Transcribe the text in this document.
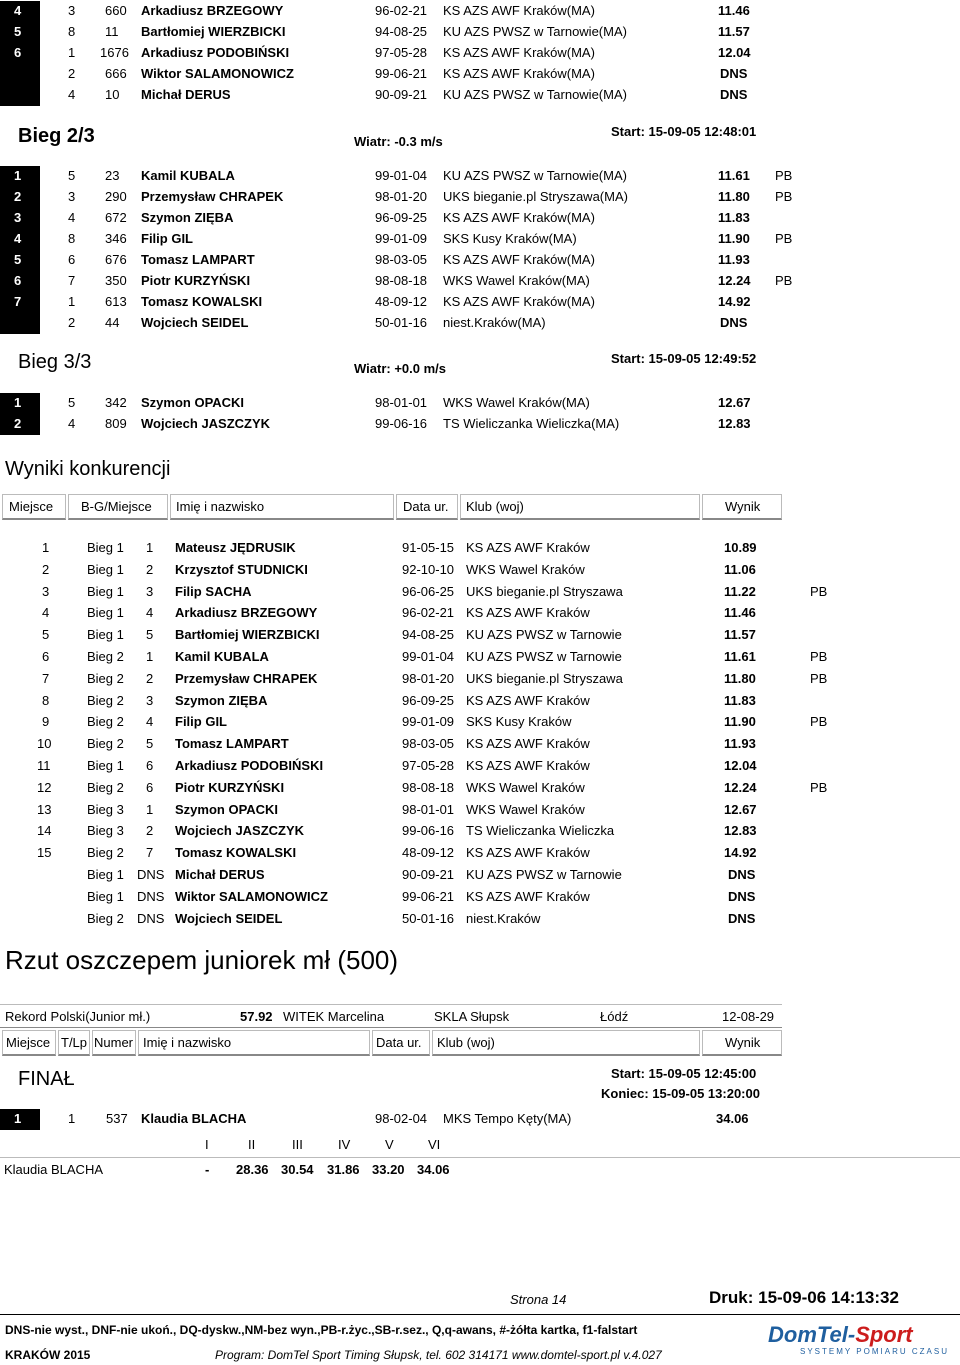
4	3 660 Arkadiusz BRZEGOWY	96-02-21 KS AZS AWF Kraków(MA)	11.46
5	8 11 Bartłomiej WIERZBICKI	94-08-25 KU AZS PWSZ w Tarnowie(MA)	11.57
6	1 1676 Arkadiusz PODOBIŃSKI	97-05-28 KS AZS AWF Kraków(MA)	12.04
2 666 Wiktor SALAMONOWICZ	99-06-21 KS AZS AWF Kraków(MA)	DNS
4 10 Michał DERUS	90-09-21 KU AZS PWSZ w Tarnowie(MA)	DNS
1	5 23 Kamil KUBALA	99-01-04 KU AZS PWSZ w Tarnowie(MA)	11.61 PB
2	3 290 Przemysław CHRAPEK	98-01-20 UKS bieganie.pl Stryszawa(MA)	11.80 PB
3	4 672 Szymon ZIĘBA	96-09-25 KS AZS AWF Kraków(MA)	11.83
4	8 346 Filip GIL	99-01-09 SKS Kusy Kraków(MA)	11.90 PB
5	6 676 Tomasz LAMPART	98-03-05 KS AZS AWF Kraków(MA)	11.93
6	7 350 Piotr KURZYŃSKI	98-08-18 WKS Wawel Kraków(MA)	12.24 PB
7	1 613 Tomasz KOWALSKI	48-09-12 KS AZS AWF Kraków(MA)	14.92
2 44 Wojciech SEIDEL	50-01-16 niest.Kraków(MA)	DNS
1	5 342 Szymon OPACKI	98-01-01 WKS Wawel Kraków(MA)	12.67
2	4 809 Wojciech JASZCZYK	99-06-16 TS Wieliczanka Wieliczka(MA)	12.83
1	Bieg 1 1 Mateusz JĘDRUSIK	91-05-15 KS AZS AWF Kraków	10.89
2	Bieg 1 2 Krzysztof STUDNICKI	92-10-10 WKS Wawel Kraków	11.06
3	Bieg 1 3 Filip SACHA	96-06-25 UKS bieganie.pl Stryszawa	11.22	PB
4	Bieg 1 4 Arkadiusz BRZEGOWY	96-02-21 KS AZS AWF Kraków	11.46
5	Bieg 1 5 Bartłomiej WIERZBICKI	94-08-25 KU AZS PWSZ w Tarnowie	11.57
6	Bieg 2 1 Kamil KUBALA	99-01-04 KU AZS PWSZ w Tarnowie	11.61	PB
7	Bieg 2 2 Przemysław CHRAPEK	98-01-20 UKS bieganie.pl Stryszawa	11.80	PB
8	Bieg 2 3 Szymon ZIĘBA	96-09-25 KS AZS AWF Kraków	11.83
9	Bieg 2 4 Filip GIL	99-01-09 SKS Kusy Kraków	11.90	PB
10	Bieg 2 5 Tomasz LAMPART	98-03-05 KS AZS AWF Kraków	11.93
11	Bieg 1 6 Arkadiusz PODOBIŃSKI	97-05-28 KS AZS AWF Kraków	12.04
12	Bieg 2 6 Piotr KURZYŃSKI	98-08-18 WKS Wawel Kraków	12.24	PB
13	Bieg 3 1 Szymon OPACKI	98-01-01 WKS Wawel Kraków	12.67
14	Bieg 3 2 Wojciech JASZCZYK	99-06-16 TS Wieliczanka Wieliczka	12.83
15	Bieg 2 7 Tomasz KOWALSKI	48-09-12 KS AZS AWF Kraków	14.92
Bieg 1 DNS Michał DERUS	90-09-21 KU AZS PWSZ w Tarnowie	DNS
Bieg 1 DNS Wiktor SALAMONOWICZ	99-06-21 KS AZS AWF Kraków	DNS
Bieg 2 DNS Wojciech SEIDEL	50-01-16 niest.Kraków	DNS
Bieg 2/3	Wiatr: -0.3 m/s
Start: 15-09-05 12:48:01
Bieg 3/3	Wiatr: +0.0 m/s
Start: 15-09-05 12:49:52
Wyniki konkurencji
Miejsce B-G/Miejsce Imię i nazwisko	Data ur. Klub (woj)	Wynik
Rzut oszczepem juniorek mł (500)
Rekord Polski(Junior mł.)	57.92 WITEK Marcelina	SKLA Słupsk	Łódź	12-08-29
Miejsce T/Lp Numer Imię i nazwisko	Data ur. Klub (woj)	Wynik
FINAŁ	Start: 15-09-05 12:45:00
Koniec: 15-09-05 13:20:00
1	1 537 Klaudia BLACHA	98-02-04 MKS Tempo Kęty(MA)	34.06
I	II	III	IV	V	VI
Klaudia BLACHA	- 28.36 30.54 31.86 33.20 34.06
Strona 14	Druk: 15-09-06 14:13:32
DNS-nie wyst., DNF-nie ukoń., DQ-dyskw.,NM-bez wyn.,PB-r.życ.,SB-r.sez., Q,q-awans, #-żółta kartka, f1-falstart
KRAKÓW 2015	Program: DomTel Sport Timing Słupsk, tel. 602 314171 www.domtel-sport.pl v.4.027
DomTel-Sport
SYSTEMY POMIARU CZASU
